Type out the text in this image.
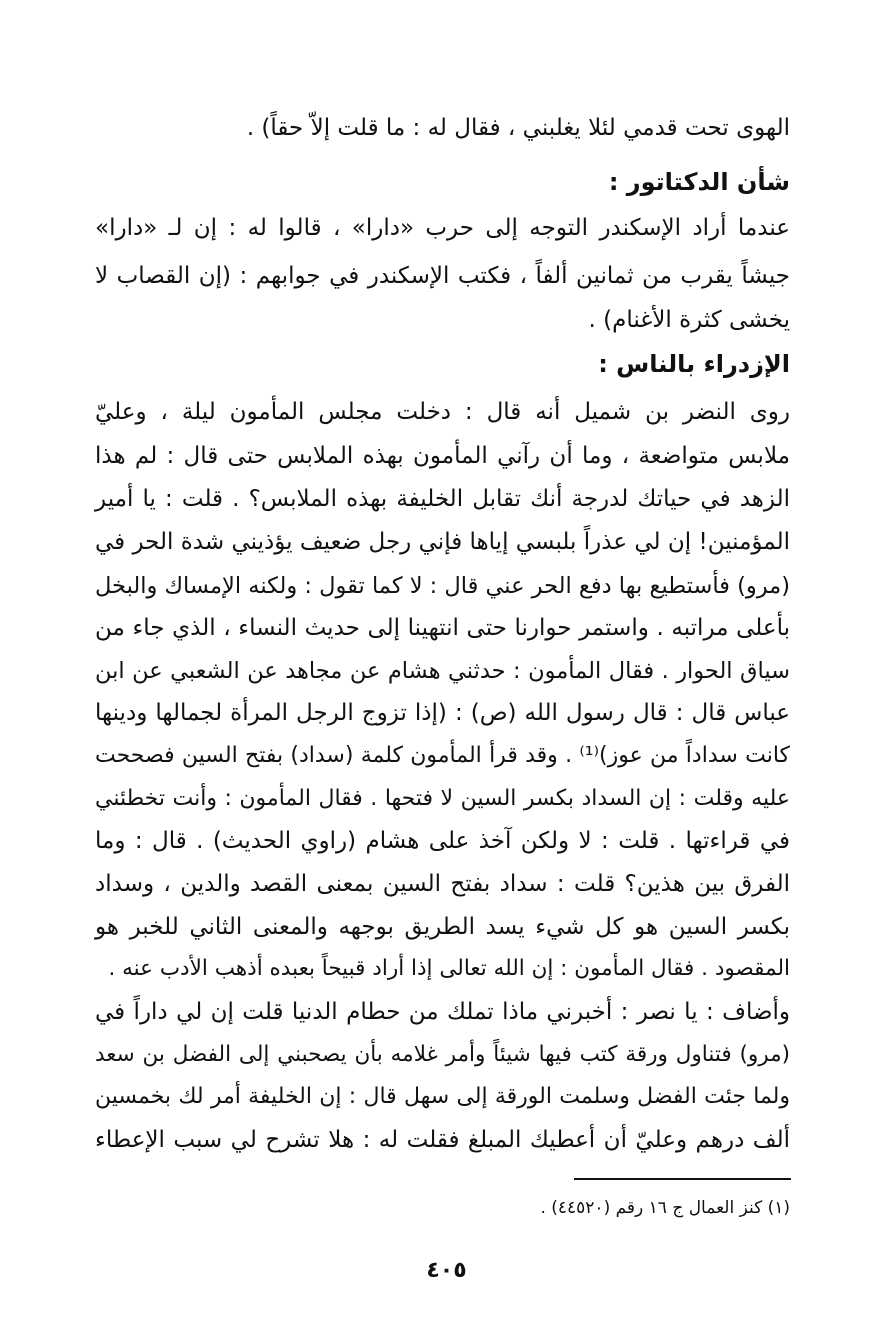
الهوى تحت قدمي لئلا يغلبني ، فقال له : ما قلت إلاّ حقاً) .
شأن الدكتاتور :
عندما أراد الإسكندر التوجه إلى حرب «دارا» ، قالوا له : إن لـ «دارا»
جيشاً يقرب من ثمانين ألفاً ، فكتب الإسكندر في جوابهم : (إن القصاب لا
يخشى كثرة الأغنام) .
الإزدراء بالناس :
روى النضر بن شميل أنه قال : دخلت مجلس المأمون ليلة ، وعليّ
ملابس متواضعة ، وما أن رآني المأمون بهذه الملابس حتى قال : لم هذا
الزهد في حياتك لدرجة أنك تقابل الخليفة بهذه الملابس؟ . قلت : يا أمير
المؤمنين! إن لي عذراً بلبسي إياها فإني رجل ضعيف يؤذيني شدة الحر في
(مرو) فأستطيع بها دفع الحر عني قال : لا كما تقول : ولكنه الإمساك والبخل
بأعلى مراتبه . واستمر حوارنا حتى انتهينا إلى حديث النساء ، الذي جاء من
سياق الحوار . فقال المأمون : حدثني هشام عن مجاهد عن الشعبي عن ابن
عباس قال : قال رسول الله (ص) : (إذا تزوج الرجل المرأة لجمالها ودينها
كانت سداداً من عوز)⁽¹⁾ . وقد قرأ المأمون كلمة (سداد) بفتح السين فصححت
عليه وقلت : إن السداد بكسر السين لا فتحها . فقال المأمون : وأنت تخطئني
في قراءتها . قلت : لا ولكن آخذ على هشام (راوي الحديث) . قال : وما
الفرق بين هذين؟ قلت : سداد بفتح السين بمعنى القصد والدين ، وسداد
بكسر السين هو كل شيء يسد الطريق بوجهه والمعنى الثاني للخبر هو
المقصود . فقال المأمون : إن الله تعالى إذا أراد قبيحاً بعبده أذهب الأدب عنه .
وأضاف : يا نصر : أخبرني ماذا تملك من حطام الدنيا قلت إن لي داراً في
(مرو) فتناول ورقة كتب فيها شيئاً وأمر غلامه بأن يصحبني إلى الفضل بن سعد
ولما جئت الفضل وسلمت الورقة إلى سهل قال : إن الخليفة أمر لك بخمسين
ألف درهم وعليّ أن أعطيك المبلغ فقلت له : هلا تشرح لي سبب الإعطاء
(١) كنز العمال ج ١٦ رقم (٤٤٥٢٠) .
٤٠٥
